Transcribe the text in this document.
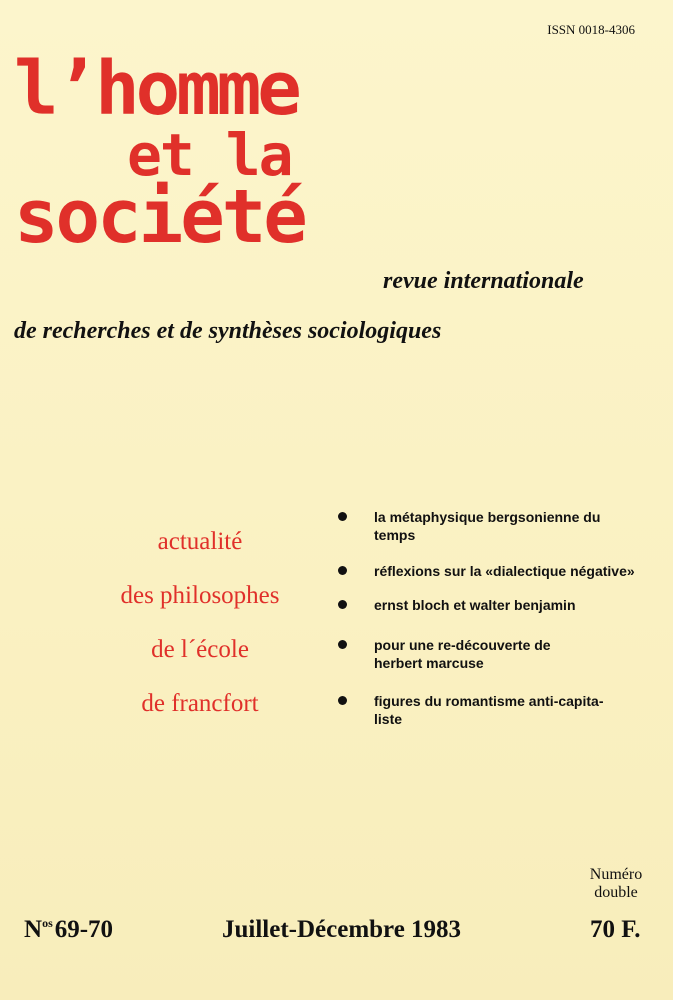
ISSN 0018-4306
l’homme
et la
société
revue internationale
de recherches et de synthèses sociologiques
actualité
des philosophes
de l´école
de francfort
la métaphysique bergsonienne du
temps
réflexions sur la «dialectique négative»
ernst bloch et walter benjamin
pour une re-découverte de
herbert marcuse
figures du romantisme anti-capita-
liste
Numéro
double
$N^{os}69-70$	Juillet-Décembre 1983	70 F.
